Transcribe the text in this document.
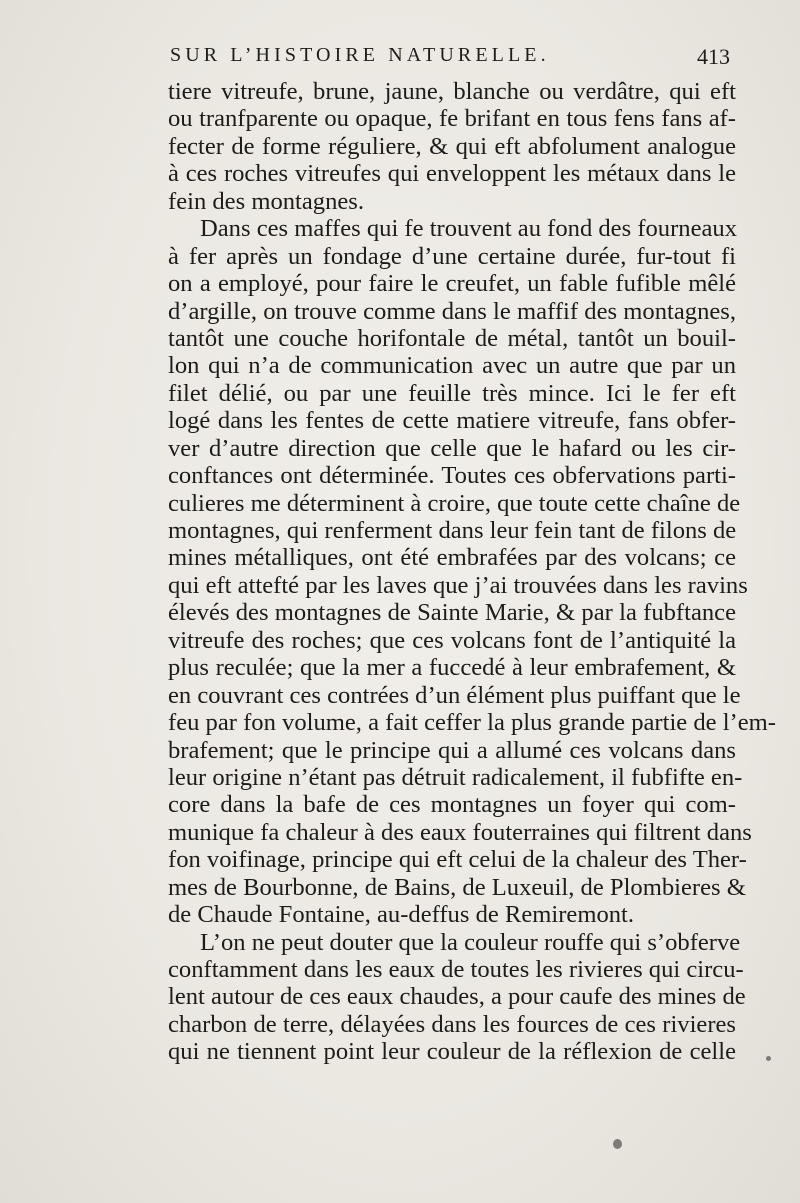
SUR L’HISTOIRE NATURELLE.	413
tiere vitreufe, brune, jaune, blanche ou verdâtre, qui eft
ou tranfparente ou opaque, fe brifant en tous fens fans af-
fecter de forme réguliere, & qui eft abfolument analogue
à ces roches vitreufes qui enveloppent les métaux dans le
fein des montagnes.
Dans ces maffes qui fe trouvent au fond des fourneaux
à fer après un fondage d’une certaine durée, fur-tout fi
on a employé, pour faire le creufet, un fable fufible mêlé
d’argille, on trouve comme dans le maffif des montagnes,
tantôt une couche horifontale de métal, tantôt un bouil-
lon qui n’a de communication avec un autre que par un
filet délié, ou par une feuille très mince. Ici le fer eft
logé dans les fentes de cette matiere vitreufe, fans obfer-
ver d’autre direction que celle que le hafard ou les cir-
conftances ont déterminée. Toutes ces obfervations parti-
culieres me déterminent à croire, que toute cette chaîne de
montagnes, qui renferment dans leur fein tant de filons de
mines métalliques, ont été embrafées par des volcans; ce
qui eft attefté par les laves que j’ai trouvées dans les ravins
élevés des montagnes de Sainte Marie, & par la fubftance
vitreufe des roches; que ces volcans font de l’antiquité la
plus reculée; que la mer a fuccedé à leur embrafement, &
en couvrant ces contrées d’un élément plus puiffant que le
feu par fon volume, a fait ceffer la plus grande partie de l’em-
brafement; que le principe qui a allumé ces volcans dans
leur origine n’étant pas détruit radicalement, il fubfifte en-
core dans la bafe de ces montagnes un foyer qui com-
munique fa chaleur à des eaux fouterraines qui filtrent dans
fon voifinage, principe qui eft celui de la chaleur des Ther-
mes de Bourbonne, de Bains, de Luxeuil, de Plombieres &
de Chaude Fontaine, au-deffus de Remiremont.
L’on ne peut douter que la couleur rouffe qui s’obferve
conftamment dans les eaux de toutes les rivieres qui circu-
lent autour de ces eaux chaudes, a pour caufe des mines de
charbon de terre, délayées dans les fources de ces rivieres
qui ne tiennent point leur couleur de la réflexion de celle
